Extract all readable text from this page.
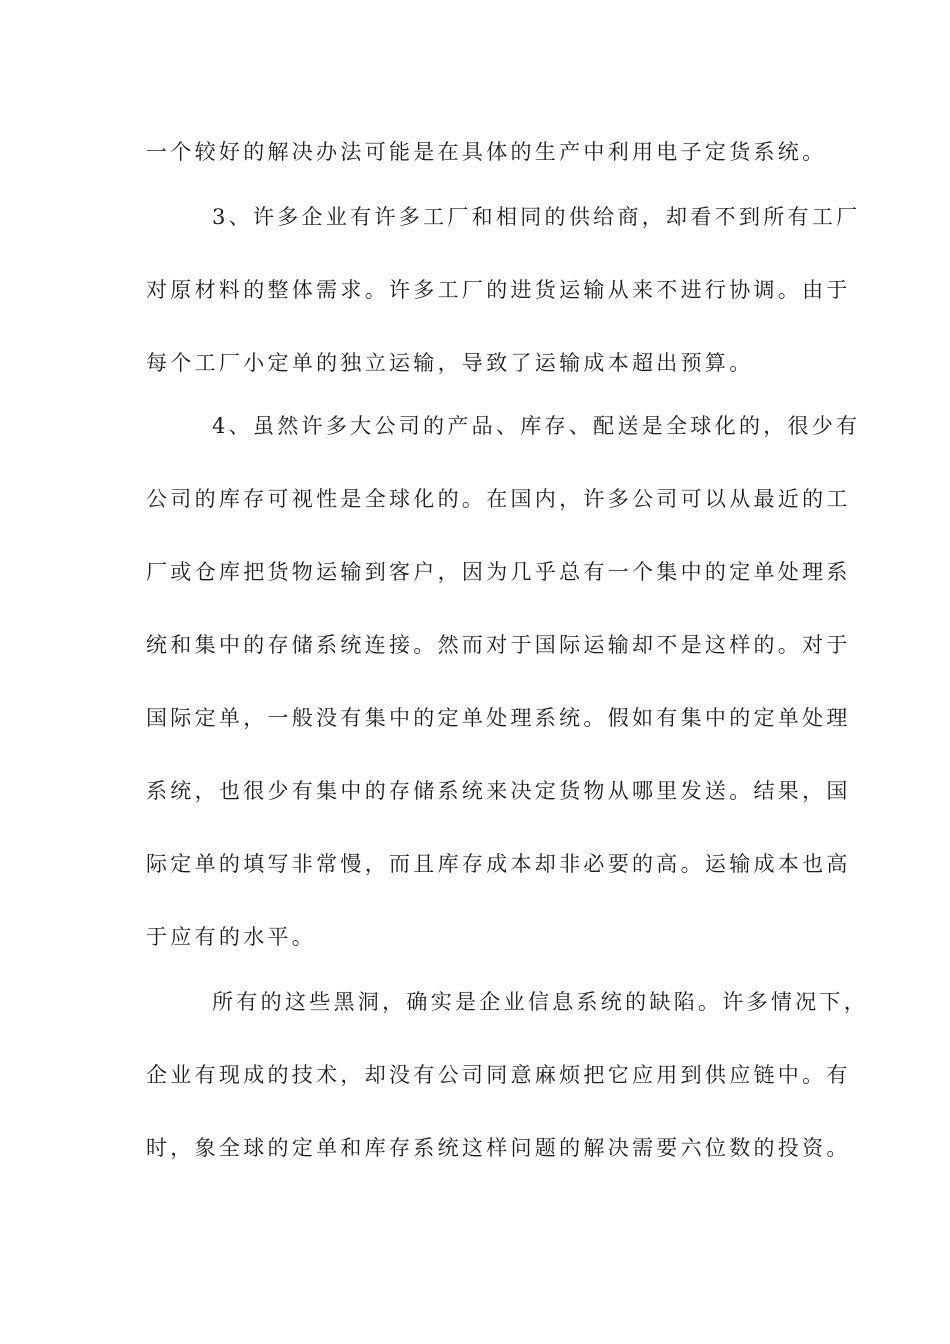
一个较好的解决办法可能是在具体的生产中利用电子定货系统。
3、许多企业有许多工厂和相同的供给商，却看不到所有工厂
对原材料的整体需求。许多工厂的进货运输从来不进行协调。由于
每个工厂小定单的独立运输，导致了运输成本超出预算。
4、虽然许多大公司的产品、库存、配送是全球化的，很少有
公司的库存可视性是全球化的。在国内，许多公司可以从最近的工
厂或仓库把货物运输到客户，因为几乎总有一个集中的定单处理系
统和集中的存储系统连接。然而对于国际运输却不是这样的。对于
国际定单，一般没有集中的定单处理系统。假如有集中的定单处理
系统，也很少有集中的存储系统来决定货物从哪里发送。结果，国
际定单的填写非常慢，而且库存成本却非必要的高。运输成本也高
于应有的水平。
所有的这些黑洞，确实是企业信息系统的缺陷。许多情况下，
企业有现成的技术，却没有公司同意麻烦把它应用到供应链中。有
时，象全球的定单和库存系统这样问题的解决需要六位数的投资。
